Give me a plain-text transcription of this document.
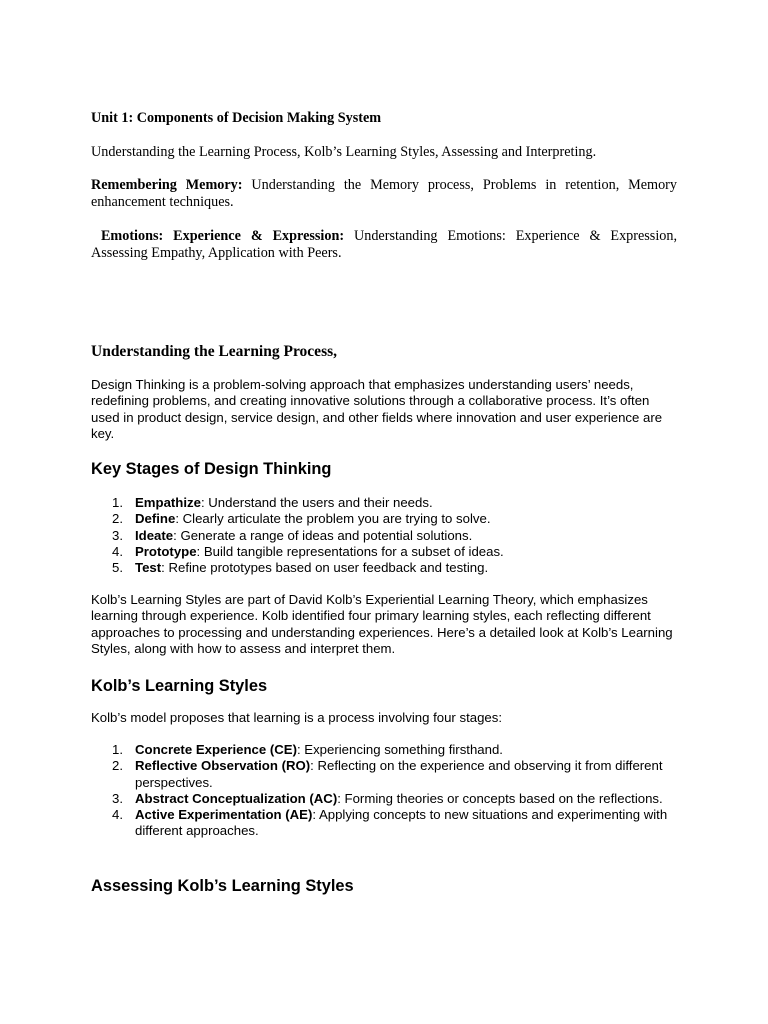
Unit 1: Components of Decision Making System

Understanding the Learning Process, Kolb’s Learning Styles, Assessing and Interpreting.

Remembering Memory: Understanding the Memory process, Problems in retention, Memory enhancement techniques.

Emotions: Experience & Expression: Understanding Emotions: Experience & Expression, Assessing Empathy, Application with Peers.

Understanding the Learning Process,

Design Thinking is a problem-solving approach that emphasizes understanding users’ needs, redefining problems, and creating innovative solutions through a collaborative process. It’s often used in product design, service design, and other fields where innovation and user experience are key.

Key Stages of Design Thinking
1. Empathize: Understand the users and their needs.
2. Define: Clearly articulate the problem you are trying to solve.
3. Ideate: Generate a range of ideas and potential solutions.
4. Prototype: Build tangible representations for a subset of ideas.
5. Test: Refine prototypes based on user feedback and testing.

Kolb’s Learning Styles are part of David Kolb’s Experiential Learning Theory, which emphasizes learning through experience. Kolb identified four primary learning styles, each reflecting different approaches to processing and understanding experiences. Here’s a detailed look at Kolb’s Learning Styles, along with how to assess and interpret them.

Kolb’s Learning Styles

Kolb’s model proposes that learning is a process involving four stages:

1. Concrete Experience (CE): Experiencing something firsthand.
2. Reflective Observation (RO): Reflecting on the experience and observing it from different perspectives.
3. Abstract Conceptualization (AC): Forming theories or concepts based on the reflections.
4. Active Experimentation (AE): Applying concepts to new situations and experimenting with different approaches.
Assessing Kolb’s Learning Styles
